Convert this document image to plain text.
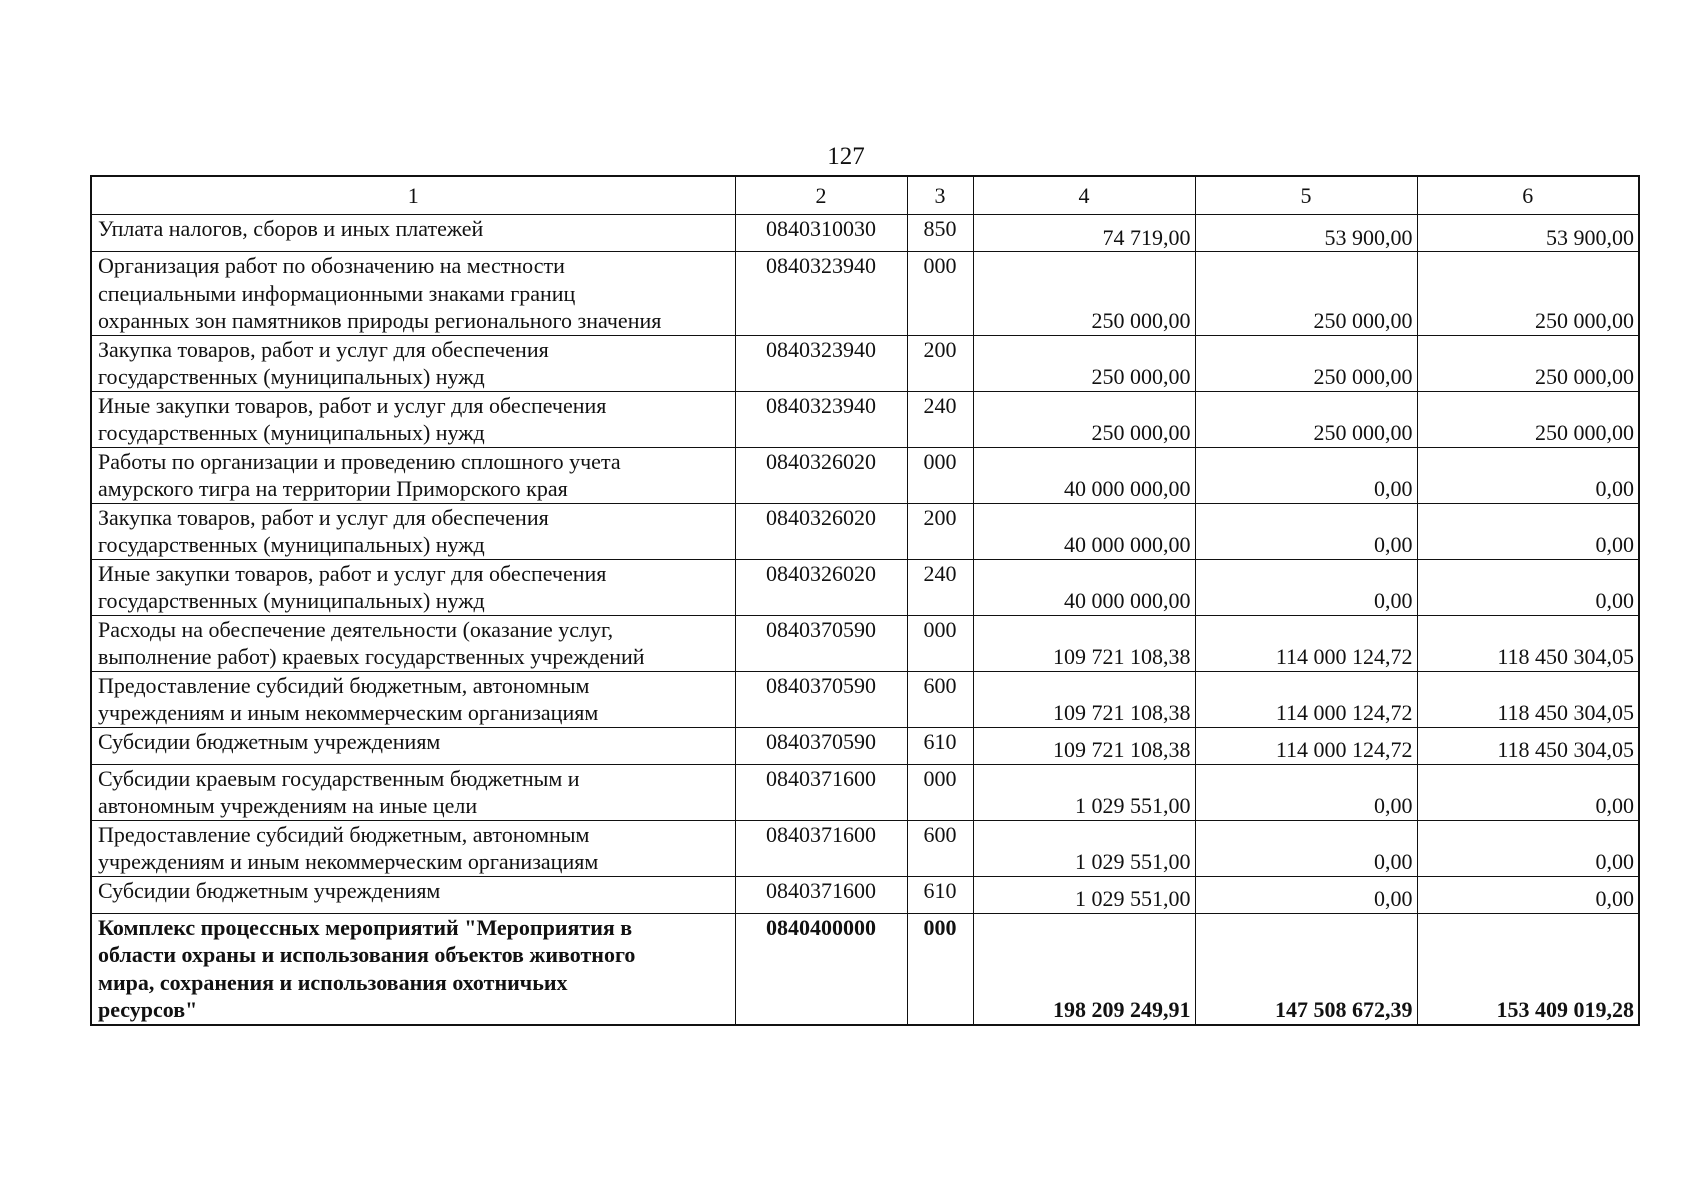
127
1	2	3	4	5	6

Уплата налогов, сборов и иных платежей	0840310030	850	74 719,00	53 900,00	53 900,00

Организация работ по обозначению на местности
специальными информационными знаками границ
охранных зон памятников природы регионального значения	0840323940	000	250 000,00	250 000,00	250 000,00

Закупка товаров, работ и услуг для обеспечения
государственных (муниципальных) нужд	0840323940	200	250 000,00	250 000,00	250 000,00

Иные закупки товаров, работ и услуг для обеспечения
государственных (муниципальных) нужд	0840323940	240	250 000,00	250 000,00	250 000,00

Работы по организации и проведению сплошного учета
амурского тигра на территории Приморского края	0840326020	000	40 000 000,00	0,00	0,00

Закупка товаров, работ и услуг для обеспечения
государственных (муниципальных) нужд	0840326020	200	40 000 000,00	0,00	0,00

Иные закупки товаров, работ и услуг для обеспечения
государственных (муниципальных) нужд	0840326020	240	40 000 000,00	0,00	0,00

Расходы на обеспечение деятельности (оказание услуг,
выполнение работ) краевых государственных учреждений	0840370590	000	109 721 108,38	114 000 124,72	118 450 304,05

Предоставление субсидий бюджетным, автономным
учреждениям и иным некоммерческим организациям	0840370590	600	109 721 108,38	114 000 124,72	118 450 304,05

Субсидии бюджетным учреждениям	0840370590	610	109 721 108,38	114 000 124,72	118 450 304,05

Субсидии краевым государственным бюджетным и
автономным учреждениям на иные цели	0840371600	000	1 029 551,00	0,00	0,00

Предоставление субсидий бюджетным, автономным
учреждениям и иным некоммерческим организациям	0840371600	600	1 029 551,00	0,00	0,00

Субсидии бюджетным учреждениям	0840371600	610	1 029 551,00	0,00	0,00

Комплекс процессных мероприятий "Мероприятия в
области охраны и использования объектов животного
мира, сохранения и использования охотничьих
ресурсов"	0840400000	000	198 209 249,91	147 508 672,39	153 409 019,28
